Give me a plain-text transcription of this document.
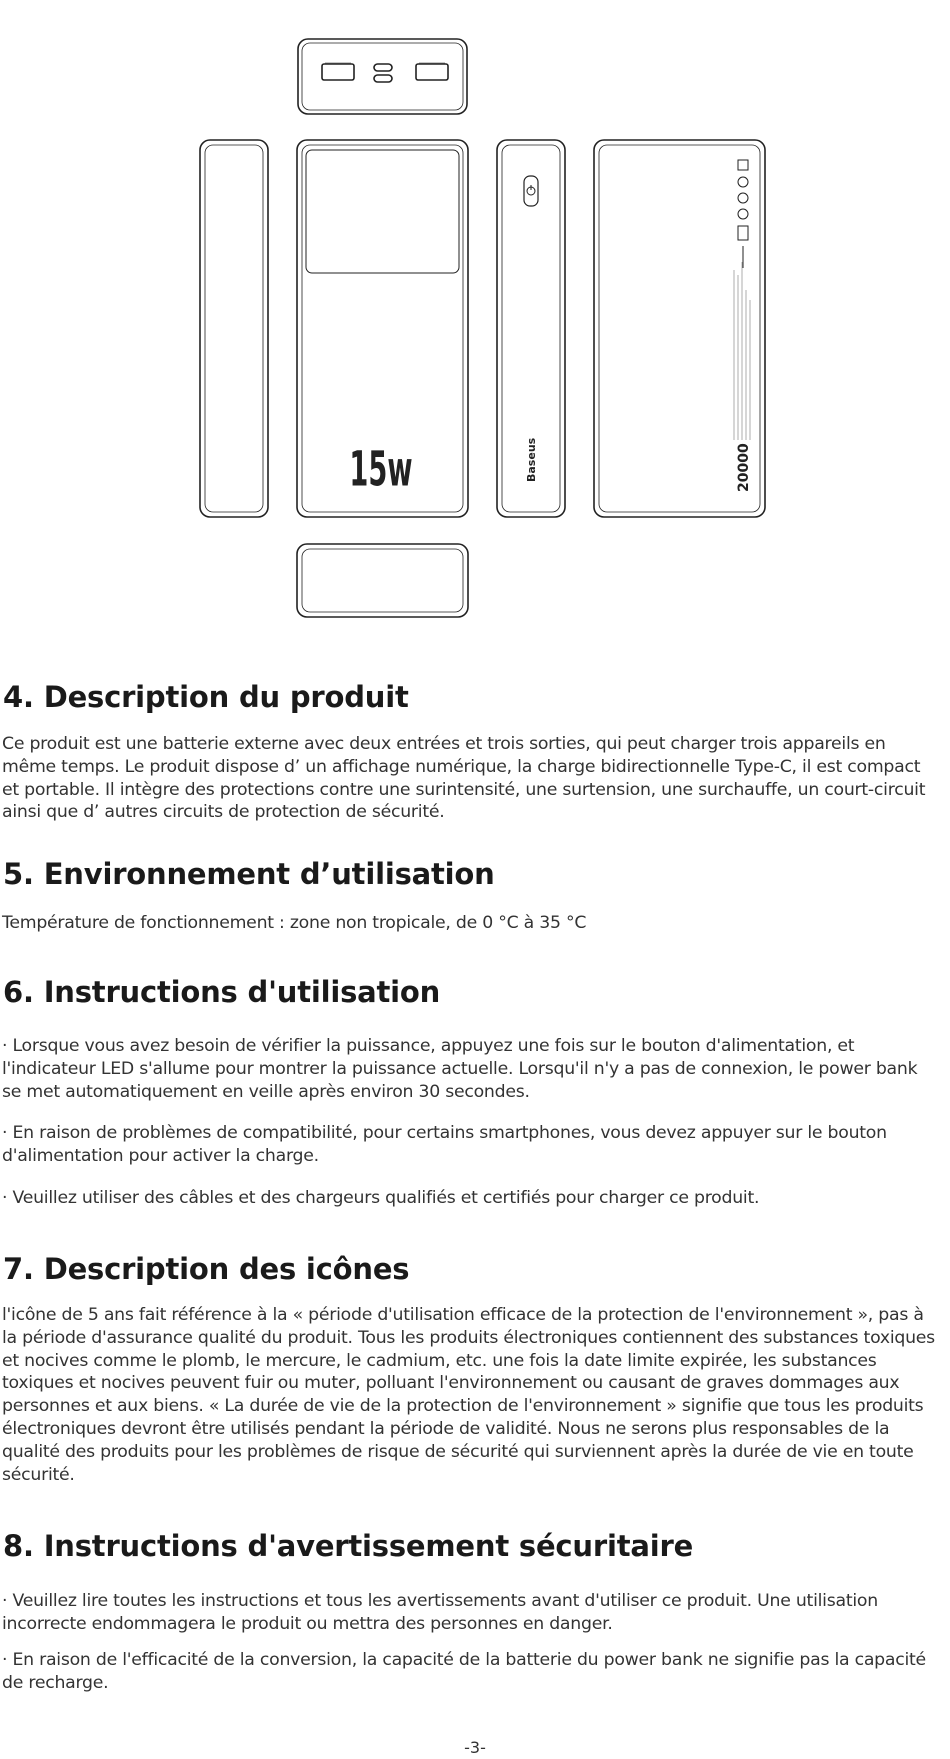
15w	Baseus	20000
4. Description du produit

Ce produit est une batterie externe avec deux entrées et trois sorties, qui peut charger trois appareils en même temps. Le produit dispose d’ un affichage numérique, la charge bidirectionnelle Type-C, il est compact et portable. Il intègre des protections contre une surintensité, une surtension, une surchauffe, un court-circuit ainsi que d’ autres circuits de protection de sécurité.

5. Environnement d’utilisation

Température de fonctionnement : zone non tropicale, de 0 °C à 35 °C

6. Instructions d'utilisation

· Lorsque vous avez besoin de vérifier la puissance, appuyez une fois sur le bouton d'alimentation, et l'indicateur LED s'allume pour montrer la puissance actuelle. Lorsqu'il n'y a pas de connexion, le power bank se met automatiquement en veille après environ 30 secondes.

· En raison de problèmes de compatibilité, pour certains smartphones, vous devez appuyer sur le bouton d'alimentation pour activer la charge.

· Veuillez utiliser des câbles et des chargeurs qualifiés et certifiés pour charger ce produit.

7. Description des icônes

l'icône de 5 ans fait référence à la « période d'utilisation efficace de la protection de l'environnement », pas à la période d'assurance qualité du produit. Tous les produits électroniques contiennent des substances toxiques et nocives comme le plomb, le mercure, le cadmium, etc. une fois la date limite expirée, les substances toxiques et nocives peuvent fuir ou muter, polluant l'environnement ou causant de graves dommages aux personnes et aux biens. « La durée de vie de la protection de l'environnement » signifie que tous les produits électroniques devront être utilisés pendant la période de validité. Nous ne serons plus responsables de la qualité des produits pour les problèmes de risque de sécurité qui surviennent après la durée de vie en toute sécurité.

8. Instructions d'avertissement sécuritaire

· Veuillez lire toutes les instructions et tous les avertissements avant d'utiliser ce produit. Une utilisation incorrecte endommagera le produit ou mettra des personnes en danger.

· En raison de l'efficacité de la conversion, la capacité de la batterie du power bank ne signifie pas la capacité de recharge.

-3-
